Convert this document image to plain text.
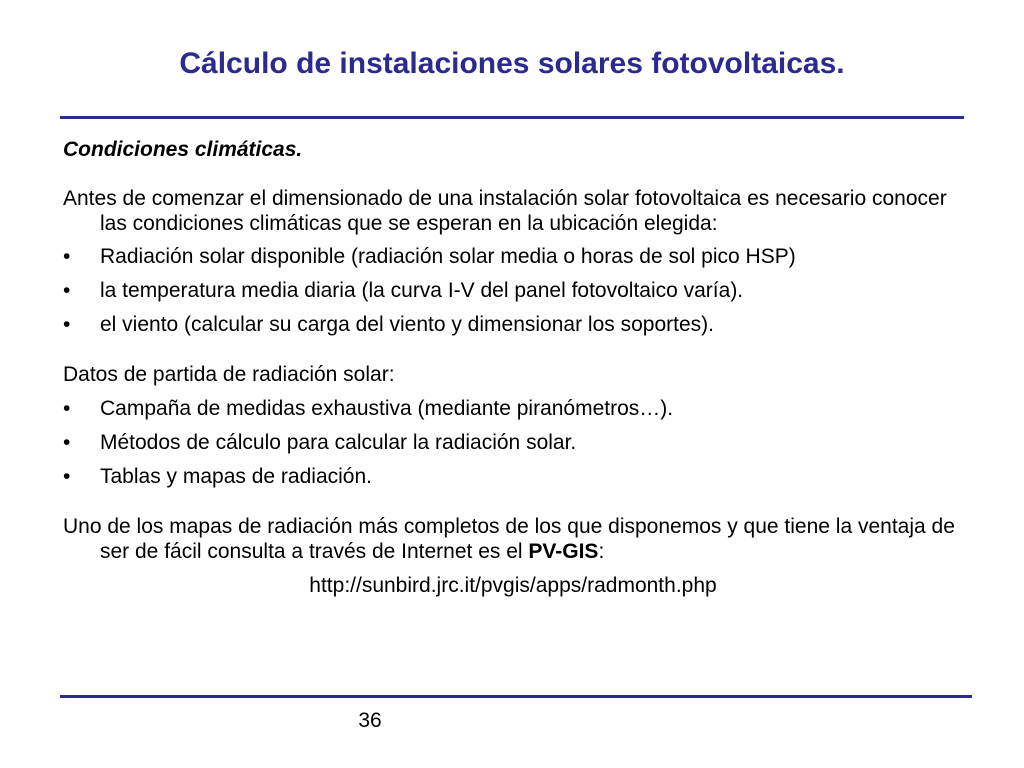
Cálculo de instalaciones solares fotovoltaicas.

Condiciones climáticas.

Antes de comenzar el dimensionado de una instalación solar fotovoltaica es necesario conocer las condiciones climáticas que se esperan en la ubicación elegida:

• Radiación solar disponible (radiación solar media o horas de sol pico HSP)
• la temperatura media diaria (la curva I-V del panel fotovoltaico varía).
• el viento (calcular su carga del viento y dimensionar los soportes).

Datos de partida de radiación solar:

• Campaña de medidas exhaustiva (mediante piranómetros…).
• Métodos de cálculo para calcular la radiación solar.
• Tablas y mapas de radiación.

Uno de los mapas de radiación más completos de los que disponemos y que tiene la ventaja de ser de fácil consulta a través de Internet es el PV-GIS:

http://sunbird.jrc.it/pvgis/apps/radmonth.php

36
